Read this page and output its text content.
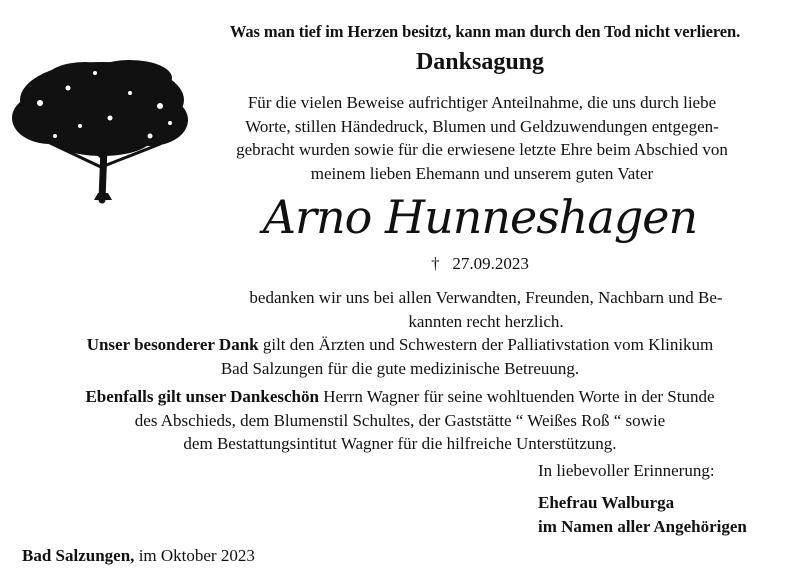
Was man tief im Herzen besitzt, kann man durch den Tod nicht verlieren.
Danksagung
Für die vielen Beweise aufrichtiger Anteilnahme, die uns durch liebe
Worte, stillen Händedruck, Blumen und Geldzuwendungen entgegen-
gebracht wurden sowie für die erwiesene letzte Ehre beim Abschied von
meinem lieben Ehemann und unserem guten Vater
Arno Hunneshagen
† 27.09.2023
bedanken wir uns bei allen Verwandten, Freunden, Nachbarn und Be-
kannten recht herzlich.
Unser besonderer Dank gilt den Ärzten und Schwestern der Palliativstation vom Klinikum
Bad Salzungen für die gute medizinische Betreuung.
Ebenfalls gilt unser Dankeschön Herrn Wagner für seine wohltuenden Worte in der Stunde
des Abschieds, dem Blumenstil Schultes, der Gaststätte “ Weißes Roß “ sowie
dem Bestattungsintitut Wagner für die hilfreiche Unterstützung.
In liebevoller Erinnerung:
Ehefrau Walburga
im Namen aller Angehörigen
Bad Salzungen, im Oktober 2023
